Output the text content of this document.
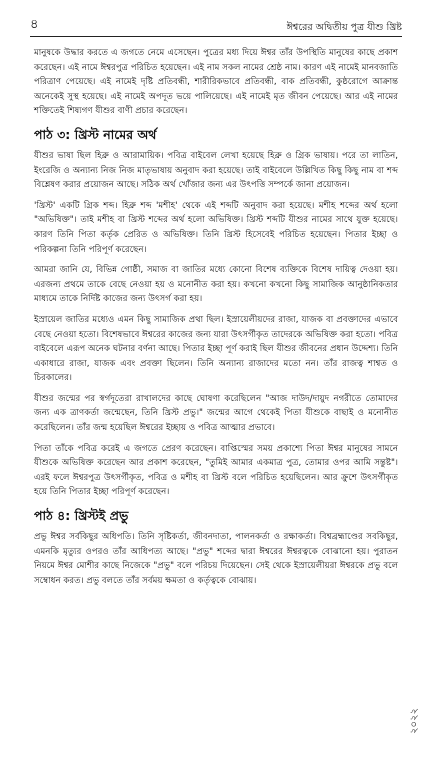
৪	ঈশ্বরের অদ্বিতীয় পুত্র যীশু খ্রিষ্ট

মানুষকে উদ্ধার করতে এ জগতে নেমে এসেছেন। পুত্রের মধ্য দিয়ে ঈশ্বর তাঁর উপস্থিতি মানুষের কাছে প্রকাশ করেছেন। এই নামে ঈশ্বরপুত্র পরিচিত হয়েছেন। এই নাম সকল নামের শ্রেষ্ঠ নাম। কারণ এই নামেই মানবজাতি পরিত্রাণ পেয়েছে। এই নামেই দৃষ্টি প্রতিবন্ধী, শারীরিকভাবে প্রতিবন্ধী, বাক প্রতিবন্ধী, কুষ্ঠরোগে আক্রান্ত অনেকেই সুস্থ হয়েছে। এই নামেই অপদূত ভয়ে পালিয়েছে। এই নামেই মৃত জীবন পেয়েছে। আর এই নামের শক্তিতেই শিষ্যগণ যীশুর বাণী প্রচার করেছেন।

পাঠ ৩: খ্রিস্ট নামের অর্থ

যীশুর ভাষা ছিল হিব্রু ও আরামায়িক। পবিত্র বাইবেল লেখা হয়েছে হিব্রু ও গ্রিক ভাষায়। পরে তা লাতিন, ইংরেজি ও অন্যান্য নিজ নিজ মাতৃভাষায় অনুবাদ করা হয়েছে। তাই বাইবেলে উল্লিখিত কিছু কিছু নাম বা শব্দ বিশ্লেষণ করার প্রয়োজন আছে। সঠিক অর্থ খোঁজার জন্য এর উৎপত্তি সম্পর্কে জানা প্রয়োজন।

'খ্রিস্ট' একটি গ্রিক শব্দ। হিব্রু শব্দ 'মশীহ' থেকে এই শব্দটি অনুবাদ করা হয়েছে। মশীহ শব্দের অর্থ হলো "অভিষিক্ত"। তাই মশীহ বা খ্রিস্ট শব্দের অর্থ হলো অভিষিক্ত। খ্রিস্ট শব্দটি যীশুর নামের সাথে যুক্ত হয়েছে। কারণ তিনি পিতা কর্তৃক প্রেরিত ও অভিষিক্ত। তিনি খ্রিস্ট হিসেবেই পরিচিত হয়েছেন। পিতার ইচ্ছা ও পরিকল্পনা তিনি পরিপূর্ণ করেছেন।

আমরা জানি যে, বিভিন্ন গোষ্ঠী, সমাজ বা জাতির মধ্যে কোনো বিশেষ ব্যক্তিকে বিশেষ দায়িত্ব দেওয়া হয়। এরজন্য প্রথমে তাকে বেছে নেওয়া হয় ও মনোনীত করা হয়। কখনো কখনো কিছু সামাজিক আনুষ্ঠানিকতার মাধ্যমে তাকে নির্দিষ্ট কাজের জন্য উৎসর্গ করা হয়।

ইস্রায়েল জাতির মধ্যেও এমন কিছু সামাজিক প্রথা ছিল। ইস্রায়েলীয়দের রাজা, যাজক বা প্রবক্তাদের এভাবে বেছে নেওয়া হতো। বিশেষভাবে ঈশ্বরের কাজের জন্য যারা উৎসর্গীকৃত তাদেরকে অভিষিক্ত করা হতো। পবিত্র বাইবেলে এরূপ অনেক ঘটনার বর্ণনা আছে। পিতার ইচ্ছা পূর্ণ করাই ছিল যীশুর জীবনের প্রধান উদ্দেশ্য। তিনি একাধারে রাজা, যাজক এবং প্রবক্তা ছিলেন। তিনি অন্যান্য রাজাদের মতো নন। তাঁর রাজত্ব শাশ্বত ও চিরকালের।

যীশুর জন্মের পর স্বর্গদূতেরা রাখালদের কাছে ঘোষণা করেছিলেন "আজ দাউদ/দায়ুদ নগরীতে তোমাদের জন্য এক ত্রাণকর্তা জন্মেছেন, তিনি খ্রিস্ট প্রভু।" জন্মের আগে থেকেই পিতা যীশুকে বাছাই ও মনোনীত করেছিলেন। তাঁর জন্ম হয়েছিল ঈশ্বরের ইচ্ছায় ও পবিত্র আত্মার প্রভাবে।

পিতা তাঁকে পবিত্র করেই এ জগতে প্রেরণ করেছেন। বাপ্তিস্মের সময় প্রকাশ্যে পিতা ঈশ্বর মানুষের সামনে যীশুকে অভিষিক্ত করেছেন আর প্রকাশ করেছেন, "তুমিই আমার একমাত্র পুত্র, তোমার ওপর আমি সন্তুষ্ট"। এরই ফলে ঈশ্বরপুত্র উৎসর্গীকৃত, পবিত্র ও মশীহ বা খ্রিস্ট বলে পরিচিত হয়েছিলেন। আর ক্রুশে উৎসর্গীকৃত হয়ে তিনি পিতার ইচ্ছা পরিপূর্ণ করেছেন।

পাঠ ৪: খ্রিস্টই প্রভু

প্রভু ঈশ্বর সর্বকিছুর অধিপতি। তিনি সৃষ্টিকর্তা, জীবনদাতা, পালনকর্তা ও রক্ষাকর্তা। বিশ্বব্রহ্মাণ্ডের সবকিছুর, এমনকি মৃত্যুর ওপরও তাঁর আধিপত্য আছে। "প্রভু" শব্দের দ্বারা ঈশ্বরের ঈশ্বরত্বকে বোঝানো হয়। পুরাতন নিয়মে ঈশ্বর মোশীর কাছে নিজেকে "প্রভু" বলে পরিচয় দিয়েছেন। সেই থেকে ইস্রায়েলীয়রা ঈশ্বরকে প্রভু বলে সম্বোধন করত। প্রভু বলতে তাঁর সর্বময় ক্ষমতা ও কর্তৃত্বকে বোঝায়।

২০২২
